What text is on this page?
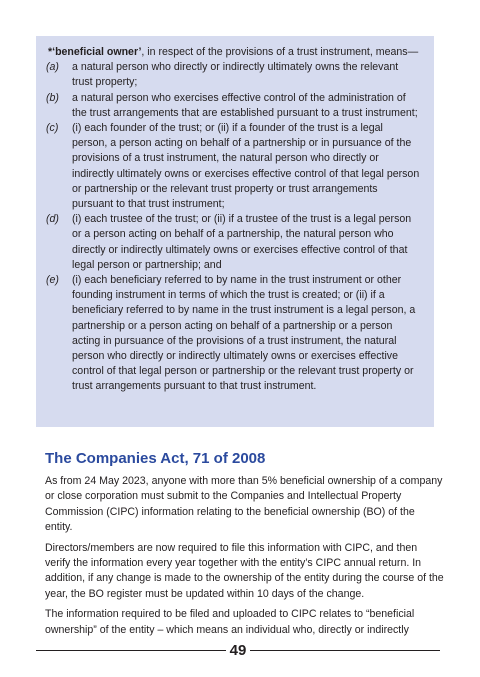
*‘beneficial owner’, in respect of the provisions of a trust instrument, means—
(a)	a natural person who directly or indirectly ultimately owns the relevant trust property;
(b)	a natural person who exercises effective control of the administration of the trust arrangements that are established pursuant to a trust instrument;
(c)	(i) each founder of the trust; or (ii) if a founder of the trust is a legal person, a person acting on behalf of a partnership or in pursuance of the provisions of a trust instrument, the natural person who directly or indirectly ultimately owns or exercises effective control of that legal person or partnership or the relevant trust property or trust arrangements pursuant to that trust instrument;
(d)	(i) each trustee of the trust; or (ii) if a trustee of the trust is a legal person or a person acting on behalf of a partnership, the natural person who directly or indirectly ultimately owns or exercises effective control of that legal person or partnership; and
(e)	(i) each beneficiary referred to by name in the trust instrument or other founding instrument in terms of which the trust is created; or (ii) if a beneficiary referred to by name in the trust instrument is a legal person, a partnership or a person acting on behalf of a partnership or a person acting in pursuance of the provisions of a trust instrument, the natural person who directly or indirectly ultimately owns or exercises effective control of that legal person or partnership or the relevant trust property or trust arrangements pursuant to that trust instrument.
The Companies Act, 71 of 2008

As from 24 May 2023, anyone with more than 5% beneficial ownership of a company or close corporation must submit to the Companies and Intellectual Property Commission (CIPC) information relating to the beneficial ownership (BO) of the entity.

Directors/members are now required to file this information with CIPC, and then verify the information every year together with the entity’s CIPC annual return. In addition, if any change is made to the ownership of the entity during the course of the year, the BO register must be updated within 10 days of the change.

The information required to be filed and uploaded to CIPC relates to “beneficial ownership” of the entity – which means an individual who, directly or indirectly

49
